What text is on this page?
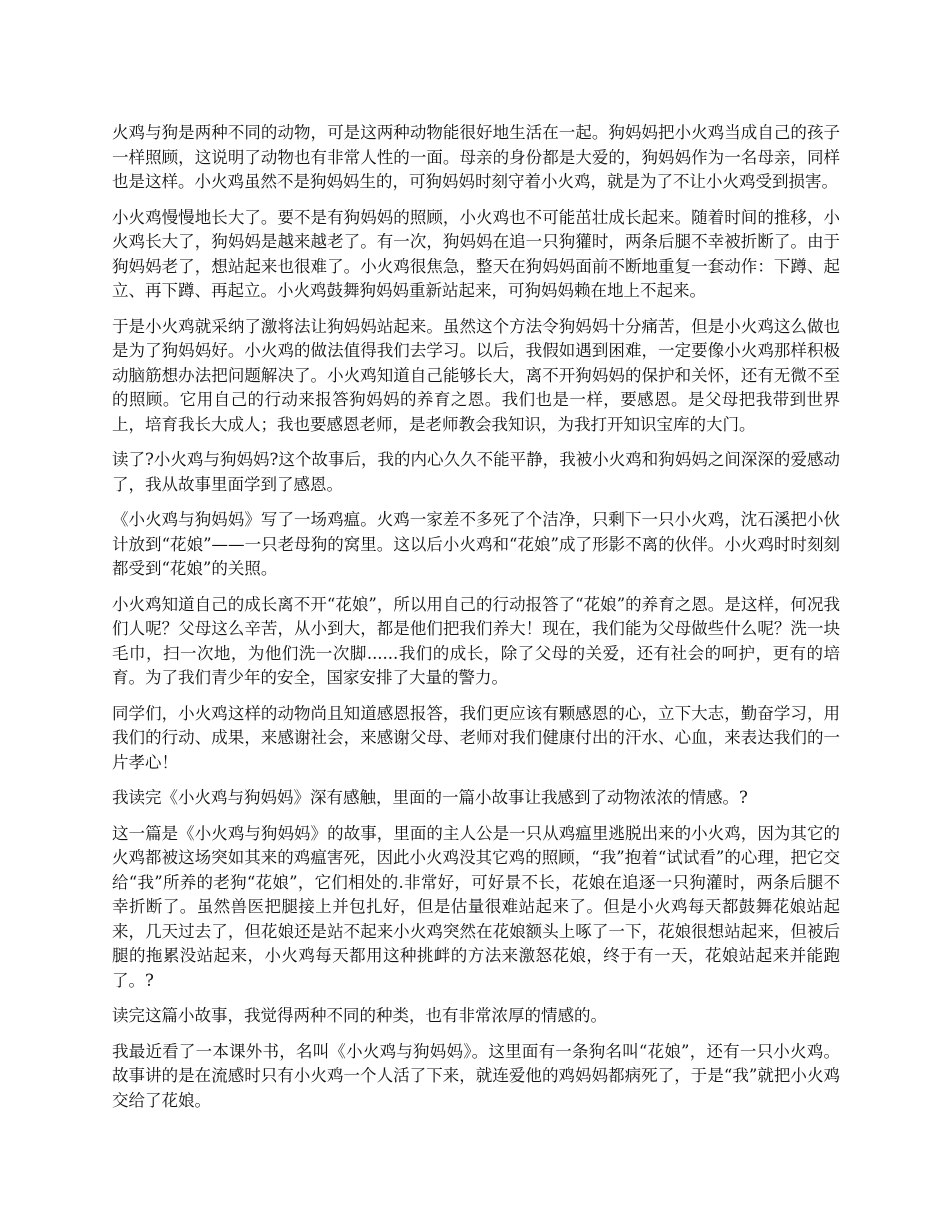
火鸡与狗是两种不同的动物，可是这两种动物能很好地生活在一起。狗妈妈把小火鸡当成自己的孩子一样照顾，这说明了动物也有非常人性的一面。母亲的身份都是大爱的，狗妈妈作为一名母亲，同样也是这样。小火鸡虽然不是狗妈妈生的，可狗妈妈时刻守着小火鸡，就是为了不让小火鸡受到损害。

小火鸡慢慢地长大了。要不是有狗妈妈的照顾，小火鸡也不可能茁壮成长起来。随着时间的推移，小火鸡长大了，狗妈妈是越来越老了。有一次，狗妈妈在追一只狗獾时，两条后腿不幸被折断了。由于狗妈妈老了，想站起来也很难了。小火鸡很焦急，整天在狗妈妈面前不断地重复一套动作：下蹲、起立、再下蹲、再起立。小火鸡鼓舞狗妈妈重新站起来，可狗妈妈赖在地上不起来。

于是小火鸡就采纳了激将法让狗妈妈站起来。虽然这个方法令狗妈妈十分痛苦，但是小火鸡这么做也是为了狗妈妈好。小火鸡的做法值得我们去学习。以后，我假如遇到困难，一定要像小火鸡那样积极动脑筋想办法把问题解决了。小火鸡知道自己能够长大，离不开狗妈妈的保护和关怀，还有无微不至的照顾。它用自己的行动来报答狗妈妈的养育之恩。我们也是一样，要感恩。是父母把我带到世界上，培育我长大成人；我也要感恩老师，是老师教会我知识，为我打开知识宝库的大门。

读了?小火鸡与狗妈妈?这个故事后，我的内心久久不能平静，我被小火鸡和狗妈妈之间深深的爱感动了，我从故事里面学到了感恩。

《小火鸡与狗妈妈》写了一场鸡瘟。火鸡一家差不多死了个洁净，只剩下一只小火鸡，沈石溪把小伙计放到“花娘”——一只老母狗的窝里。这以后小火鸡和“花娘”成了形影不离的伙伴。小火鸡时时刻刻都受到“花娘”的关照。

小火鸡知道自己的成长离不开“花娘”，所以用自己的行动报答了“花娘”的养育之恩。是这样，何况我们人呢？父母这么辛苦，从小到大，都是他们把我们养大！现在，我们能为父母做些什么呢？洗一块毛巾，扫一次地，为他们洗一次脚......我们的成长，除了父母的关爱，还有社会的呵护，更有的培育。为了我们青少年的安全，国家安排了大量的警力。

同学们，小火鸡这样的动物尚且知道感恩报答，我们更应该有颗感恩的心，立下大志，勤奋学习，用我们的行动、成果，来感谢社会，来感谢父母、老师对我们健康付出的汗水、心血，来表达我们的一片孝心！

我读完《小火鸡与狗妈妈》深有感触，里面的一篇小故事让我感到了动物浓浓的情感。?

这一篇是《小火鸡与狗妈妈》的故事，里面的主人公是一只从鸡瘟里逃脱出来的小火鸡，因为其它的火鸡都被这场突如其来的鸡瘟害死，因此小火鸡没其它鸡的照顾，“我”抱着“试试看”的心理，把它交给“我”所养的老狗“花娘”，它们相处的.非常好，可好景不长，花娘在追逐一只狗灌时，两条后腿不幸折断了。虽然兽医把腿接上并包扎好，但是估量很难站起来了。但是小火鸡每天都鼓舞花娘站起来，几天过去了，但花娘还是站不起来小火鸡突然在花娘额头上啄了一下，花娘很想站起来，但被后腿的拖累没站起来，小火鸡每天都用这种挑衅的方法来激怒花娘，终于有一天，花娘站起来并能跑了。?

读完这篇小故事，我觉得两种不同的种类，也有非常浓厚的情感的。

我最近看了一本课外书，名叫《小火鸡与狗妈妈》。这里面有一条狗名叫“花娘”，还有一只小火鸡。故事讲的是在流感时只有小火鸡一个人活了下来，就连爱他的鸡妈妈都病死了，于是“我”就把小火鸡交给了花娘。
